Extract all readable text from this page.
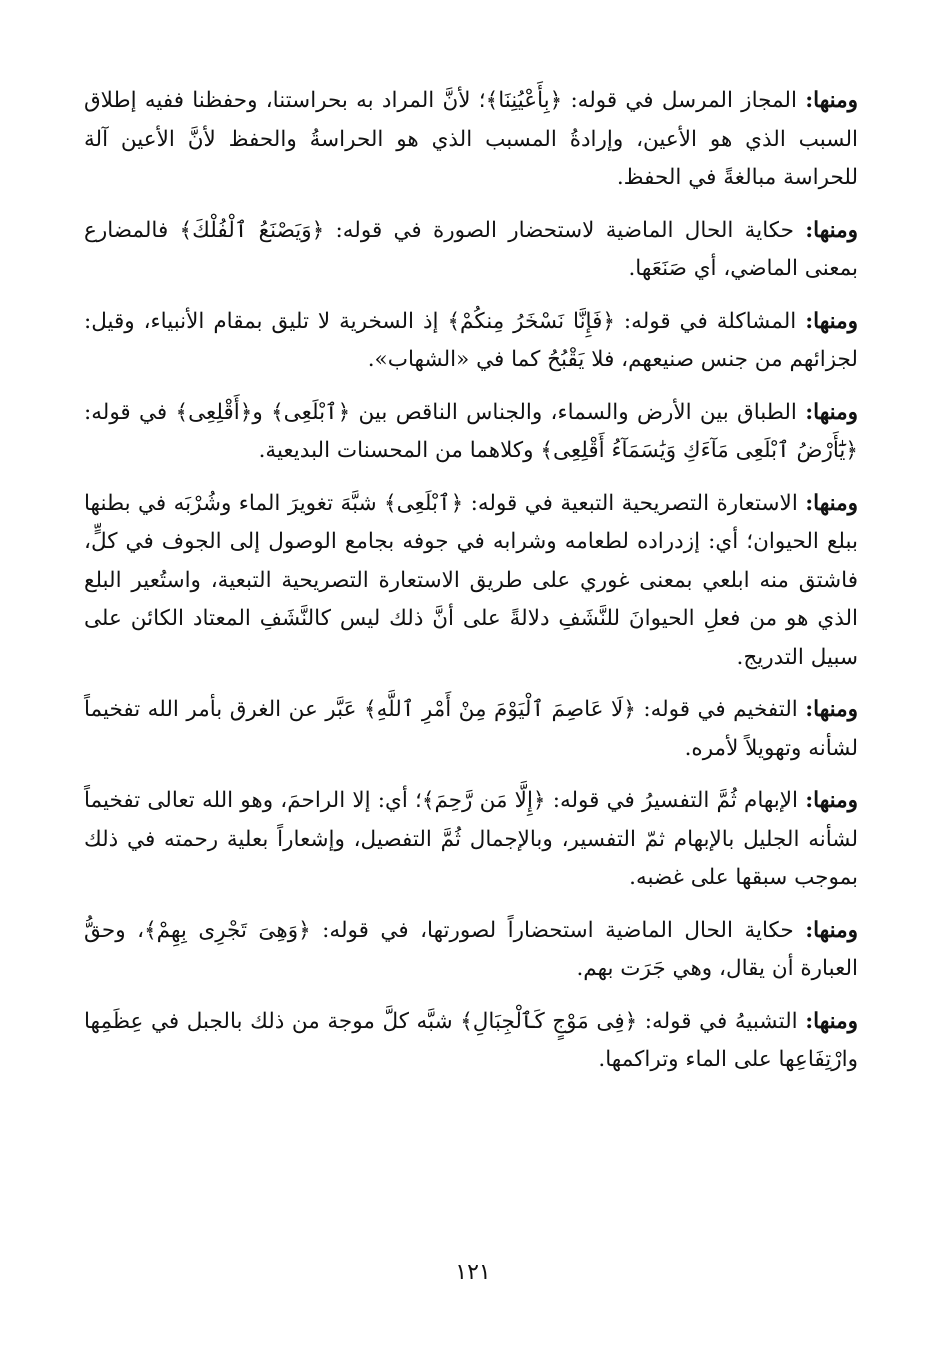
ومنها: المجاز المرسل في قوله: ﴿بِأَعْيُنِنَا﴾؛ لأنَّ المراد به بحراستنا، وحفظنا ففيه إطلاق السبب الذي هو الأعين، وإرادةُ المسبب الذي هو الحراسةُ والحفظ لأنَّ الأعين آلة للحراسة مبالغةً في الحفظ.

ومنها: حكاية الحال الماضية لاستحضار الصورة في قوله: ﴿وَيَصْنَعُ ٱلْفُلْكَ﴾ فالمضارع بمعنى الماضي، أي صَنَعَها.

ومنها: المشاكلة في قوله: ﴿فَإِنَّا نَسْخَرُ مِنكُمْ﴾ إذ السخرية لا تليق بمقام الأنبياء، وقيل: لجزائهم من جنس صنيعهم، فلا يَقْبُحُ كما في «الشهاب».

ومنها: الطباق بين الأرض والسماء، والجناس الناقص بين ﴿ٱبْلَعِى﴾ و﴿أَقْلِعِى﴾ في قوله: ﴿يَٰٓأَرْضُ ٱبْلَعِى مَآءَكِ وَيَٰسَمَآءُ أَقْلِعِى﴾ وكلاهما من المحسنات البديعية.

ومنها: الاستعارة التصريحية التبعية في قوله: ﴿ٱبْلَعِى﴾ شبَّهَ تغويرَ الماء وشُرْبَه في بطنها ببلع الحيوان؛ أي: إزدراده لطعامه وشرابه في جوفه بجامع الوصول إلى الجوف في كلٍّ، فاشتق منه ابلعي بمعنى غوري على طريق الاستعارة التصريحية التبعية، واستُعير البلع الذي هو من فعلِ الحيوانَ للنَّشَفِ دلالةً على أنَّ ذلك ليس كالنَّشَفِ المعتاد الكائن على سبيل التدريج.

ومنها: التفخيم في قوله: ﴿لَا عَاصِمَ ٱلْيَوْمَ مِنْ أَمْرِ ٱللَّهِ﴾ عَبَّر عن الغرق بأمر الله تفخيماً لشأنه وتهويلاً لأمره.

ومنها: الإبهام ثُمَّ التفسيرُ في قوله: ﴿إِلَّا مَن رَّحِمَ﴾؛ أي: إلا الراحمَ، وهو الله تعالى تفخيماً لشأنه الجليل بالإبهام ثمّ التفسير، وبالإجمال ثُمَّ التفصيل، وإشعاراً بعلية رحمته في ذلك بموجب سبقها على غضبه.

ومنها: حكاية الحال الماضية استحضاراً لصورتها، في قوله: ﴿وَهِىَ تَجْرِى بِهِمْ﴾، وحقُّ العبارة أن يقال، وهي جَرَت بهم.

ومنها: التشبيهُ في قوله: ﴿فِى مَوْجٍ كَٱلْجِبَالِ﴾ شبَّه كلَّ موجة من ذلك بالجبل في عِظَمِها وارْتِفَاعِها على الماء وتراكمها.

١٢١
